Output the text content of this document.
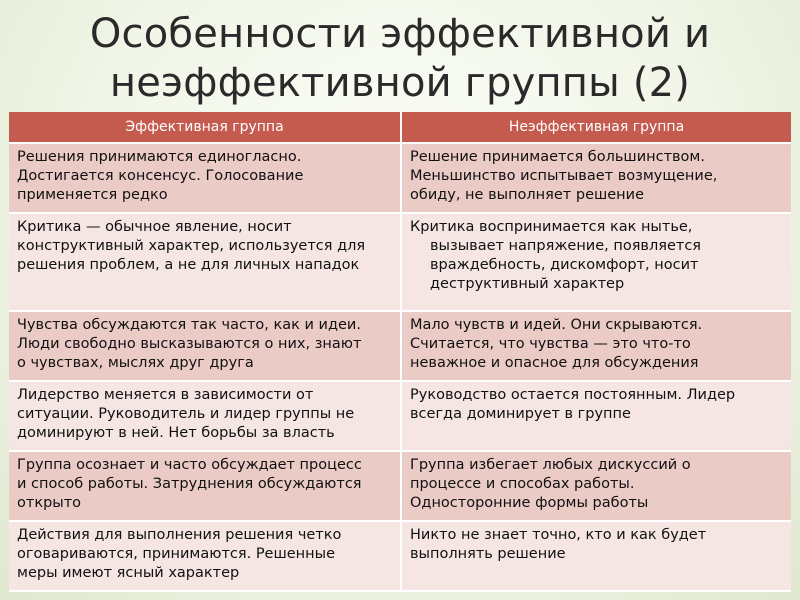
Особенности эффективной и
неэффективной группы (2)
Эффективная группа	Неэффективная группа

Решения принимаются единогласно.
Достигается консенсус. Голосование
применяется редко	Решение принимается большинством.
Меньшинство испытывает возмущение,
обиду, не выполняет решение

Критика — обычное явление, носит
конструктивный характер, используется для
решения проблем, а не для личных нападок	Критика воспринимается как нытье,
вызывает напряжение, появляется
враждебность, дискомфорт, носит
деструктивный характер

Чувства обсуждаются так часто, как и идеи.
Люди свободно высказываются о них, знают
о чувствах, мыслях друг друга	Мало чувств и идей. Они скрываются.
Считается, что чувства — это что-то
неважное и опасное для обсуждения

Лидерство меняется в зависимости от
ситуации. Руководитель и лидер группы не
доминируют в ней. Нет борьбы за власть	Руководство остается постоянным. Лидер
всегда доминирует в группе

Группа осознает и часто обсуждает процесс
и способ работы. Затруднения обсуждаются
открыто	Группа избегает любых дискуссий о
процессе и способах работы.
Односторонние формы работы

Действия для выполнения решения четко
оговариваются, принимаются. Решенные
меры имеют ясный характер	Никто не знает точно, кто и как будет
выполнять решение
